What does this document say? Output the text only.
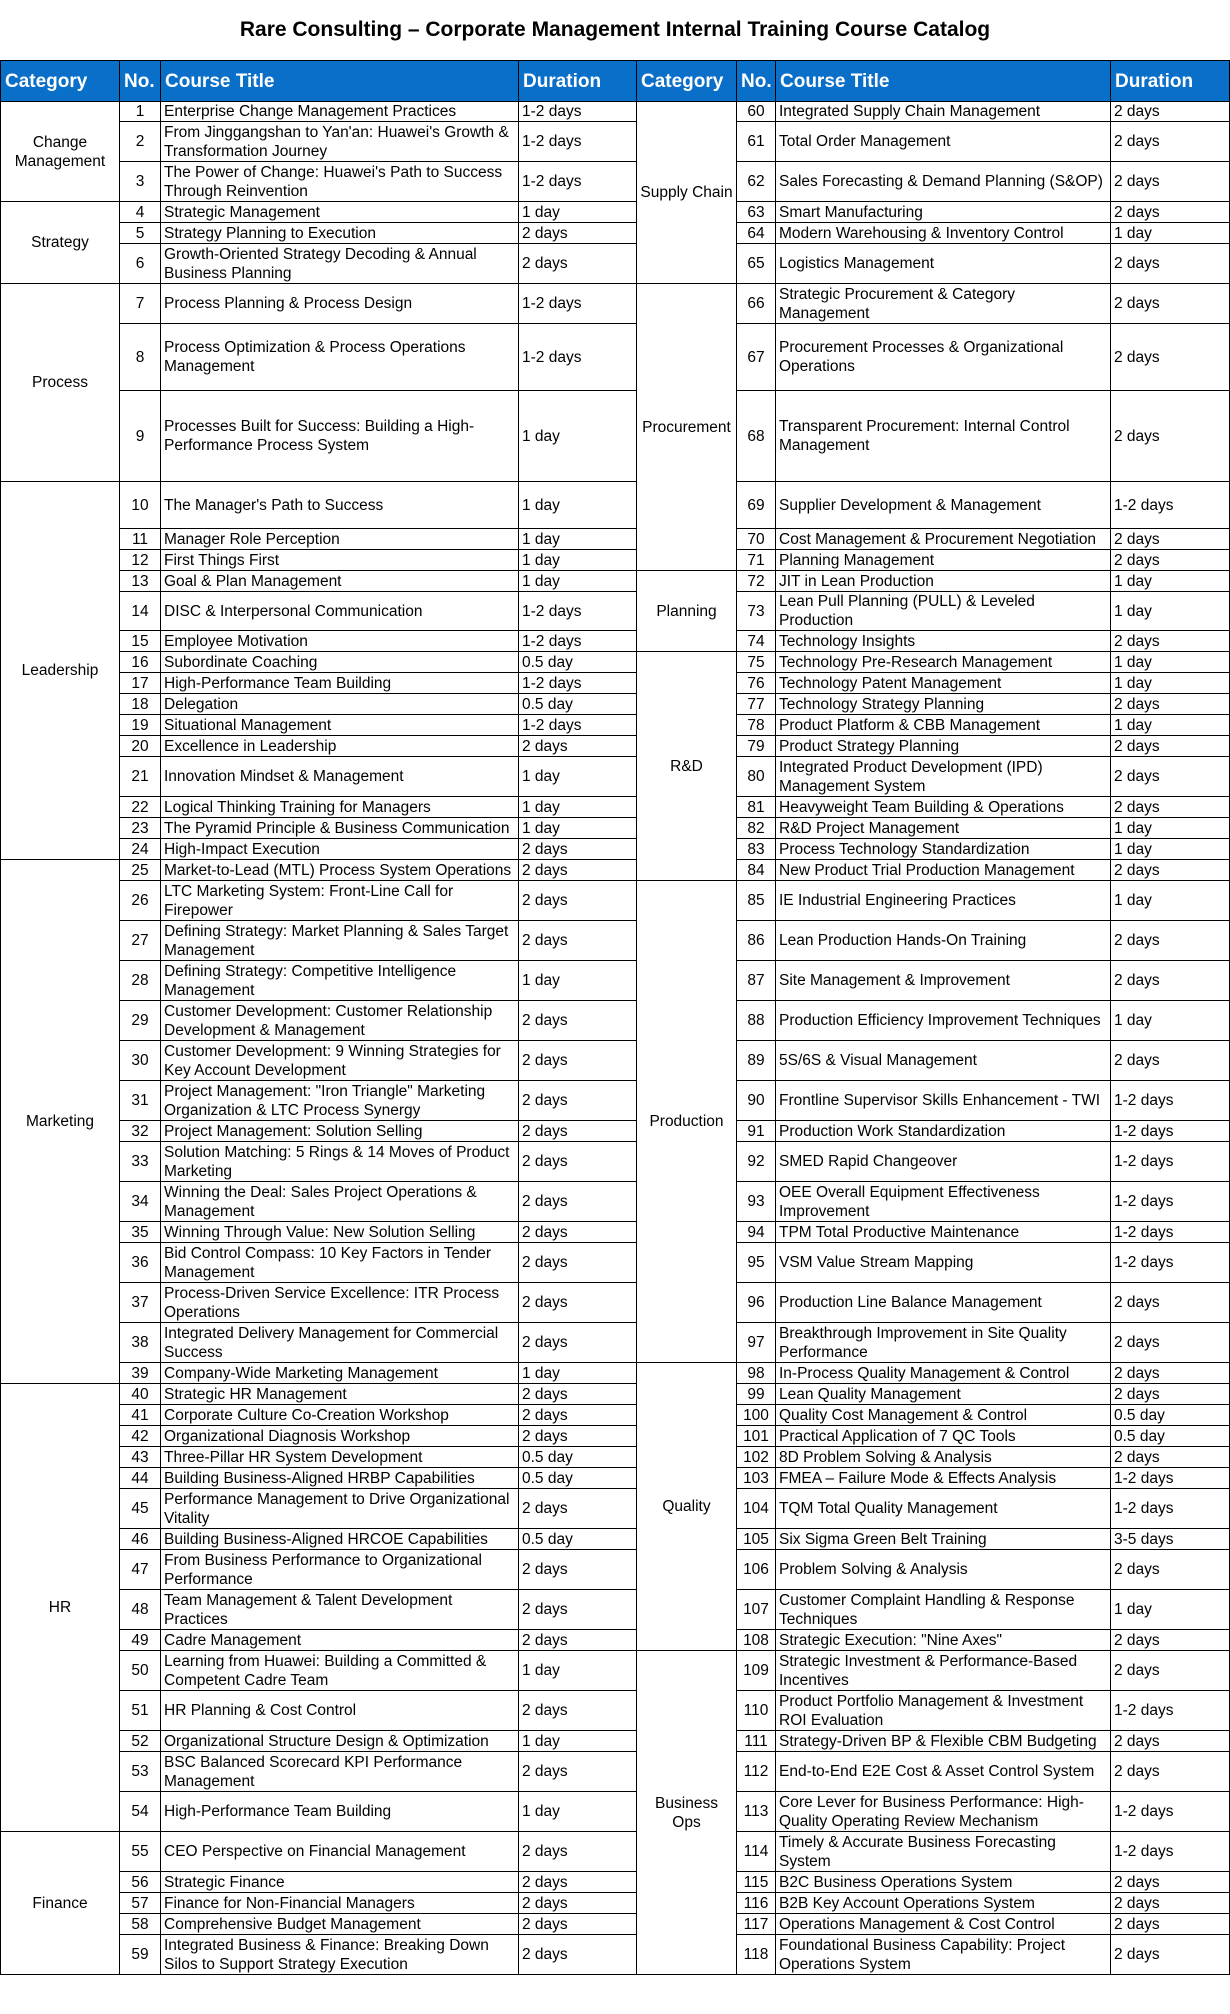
Rare Consulting – Corporate Management Internal Training Course Catalog
Category	No.	Course Title	Duration	Category	No.	Course Title	Duration
Change Management	1	Enterprise Change Management Practices	1-2 days	Supply Chain	60	Integrated Supply Chain Management	2 days
	2	From Jinggangshan to Yan'an: Huawei's Growth & Transformation Journey	1-2 days		61	Total Order Management	2 days
	3	The Power of Change: Huawei's Path to Success Through Reinvention	1-2 days		62	Sales Forecasting & Demand Planning (S&OP)	2 days
Strategy	4	Strategic Management	1 day		63	Smart Manufacturing	2 days
	5	Strategy Planning to Execution	2 days		64	Modern Warehousing & Inventory Control	1 day
	6	Growth-Oriented Strategy Decoding & Annual Business Planning	2 days		65	Logistics Management	2 days
Process	7	Process Planning & Process Design	1-2 days	Procurement	66	Strategic Procurement & Category Management	2 days
	8	Process Optimization & Process Operations Management	1-2 days		67	Procurement Processes & Organizational Operations	2 days
	9	Processes Built for Success: Building a High-Performance Process System	1 day		68	Transparent Procurement: Internal Control Management	2 days
Leadership	10	The Manager's Path to Success	1 day		69	Supplier Development & Management	1-2 days
	11	Manager Role Perception	1 day		70	Cost Management & Procurement Negotiation	2 days
	12	First Things First	1 day		71	Planning Management	2 days
	13	Goal & Plan Management	1 day	Planning	72	JIT in Lean Production	1 day
	14	DISC & Interpersonal Communication	1-2 days		73	Lean Pull Planning (PULL) & Leveled Production	1 day
	15	Employee Motivation	1-2 days		74	Technology Insights	2 days
	16	Subordinate Coaching	0.5 day	R&D	75	Technology Pre-Research Management	1 day
	17	High-Performance Team Building	1-2 days		76	Technology Patent Management	1 day
	18	Delegation	0.5 day		77	Technology Strategy Planning	2 days
	19	Situational Management	1-2 days		78	Product Platform & CBB Management	1 day
	20	Excellence in Leadership	2 days		79	Product Strategy Planning	2 days
	21	Innovation Mindset & Management	1 day		80	Integrated Product Development (IPD) Management System	2 days
	22	Logical Thinking Training for Managers	1 day		81	Heavyweight Team Building & Operations	2 days
	23	The Pyramid Principle & Business Communication	1 day		82	R&D Project Management	1 day
	24	High-Impact Execution	2 days		83	Process Technology Standardization	1 day
Marketing	25	Market-to-Lead (MTL) Process System Operations	2 days		84	New Product Trial Production Management	2 days
	26	LTC Marketing System: Front-Line Call for Firepower	2 days	Production	85	IE Industrial Engineering Practices	1 day
	27	Defining Strategy: Market Planning & Sales Target Management	2 days		86	Lean Production Hands-On Training	2 days
	28	Defining Strategy: Competitive Intelligence Management	1 day		87	Site Management & Improvement	2 days
	29	Customer Development: Customer Relationship Development & Management	2 days		88	Production Efficiency Improvement Techniques	1 day
	30	Customer Development: 9 Winning Strategies for Key Account Development	2 days		89	5S/6S & Visual Management	2 days
	31	Project Management: "Iron Triangle" Marketing Organization & LTC Process Synergy	2 days		90	Frontline Supervisor Skills Enhancement - TWI	1-2 days
	32	Project Management: Solution Selling	2 days		91	Production Work Standardization	1-2 days
	33	Solution Matching: 5 Rings & 14 Moves of Product Marketing	2 days		92	SMED Rapid Changeover	1-2 days
	34	Winning the Deal: Sales Project Operations & Management	2 days		93	OEE Overall Equipment Effectiveness Improvement	1-2 days
	35	Winning Through Value: New Solution Selling	2 days		94	TPM Total Productive Maintenance	1-2 days
	36	Bid Control Compass: 10 Key Factors in Tender Management	2 days		95	VSM Value Stream Mapping	1-2 days
	37	Process-Driven Service Excellence: ITR Process Operations	2 days		96	Production Line Balance Management	2 days
	38	Integrated Delivery Management for Commercial Success	2 days		97	Breakthrough Improvement in Site Quality Performance	2 days
	39	Company-Wide Marketing Management	1 day	Quality	98	In-Process Quality Management & Control	2 days
HR	40	Strategic HR Management	2 days		99	Lean Quality Management	2 days
	41	Corporate Culture Co-Creation Workshop	2 days		100	Quality Cost Management & Control	0.5 day
	42	Organizational Diagnosis Workshop	2 days		101	Practical Application of 7 QC Tools	0.5 day
	43	Three-Pillar HR System Development	0.5 day		102	8D Problem Solving & Analysis	2 days
	44	Building Business-Aligned HRBP Capabilities	0.5 day		103	FMEA – Failure Mode & Effects Analysis	1-2 days
	45	Performance Management to Drive Organizational Vitality	2 days		104	TQM Total Quality Management	1-2 days
	46	Building Business-Aligned HRCOE Capabilities	0.5 day		105	Six Sigma Green Belt Training	3-5 days
	47	From Business Performance to Organizational Performance	2 days		106	Problem Solving & Analysis	2 days
	48	Team Management & Talent Development Practices	2 days		107	Customer Complaint Handling & Response Techniques	1 day
	49	Cadre Management	2 days		108	Strategic Execution: "Nine Axes"	2 days
	50	Learning from Huawei: Building a Committed & Competent Cadre Team	1 day	Business Ops	109	Strategic Investment & Performance-Based Incentives	2 days
	51	HR Planning & Cost Control	2 days		110	Product Portfolio Management & Investment ROI Evaluation	1-2 days
	52	Organizational Structure Design & Optimization	1 day		111	Strategy-Driven BP & Flexible CBM Budgeting	2 days
	53	BSC Balanced Scorecard KPI Performance Management	2 days		112	End-to-End E2E Cost & Asset Control System	2 days
	54	High-Performance Team Building	1 day		113	Core Lever for Business Performance: High-Quality Operating Review Mechanism	1-2 days
Finance	55	CEO Perspective on Financial Management	2 days		114	Timely & Accurate Business Forecasting System	1-2 days
	56	Strategic Finance	2 days		115	B2C Business Operations System	2 days
	57	Finance for Non-Financial Managers	2 days		116	B2B Key Account Operations System	2 days
	58	Comprehensive Budget Management	2 days		117	Operations Management & Cost Control	2 days
	59	Integrated Business & Finance: Breaking Down Silos to Support Strategy Execution	2 days		118	Foundational Business Capability: Project Operations System	2 days
